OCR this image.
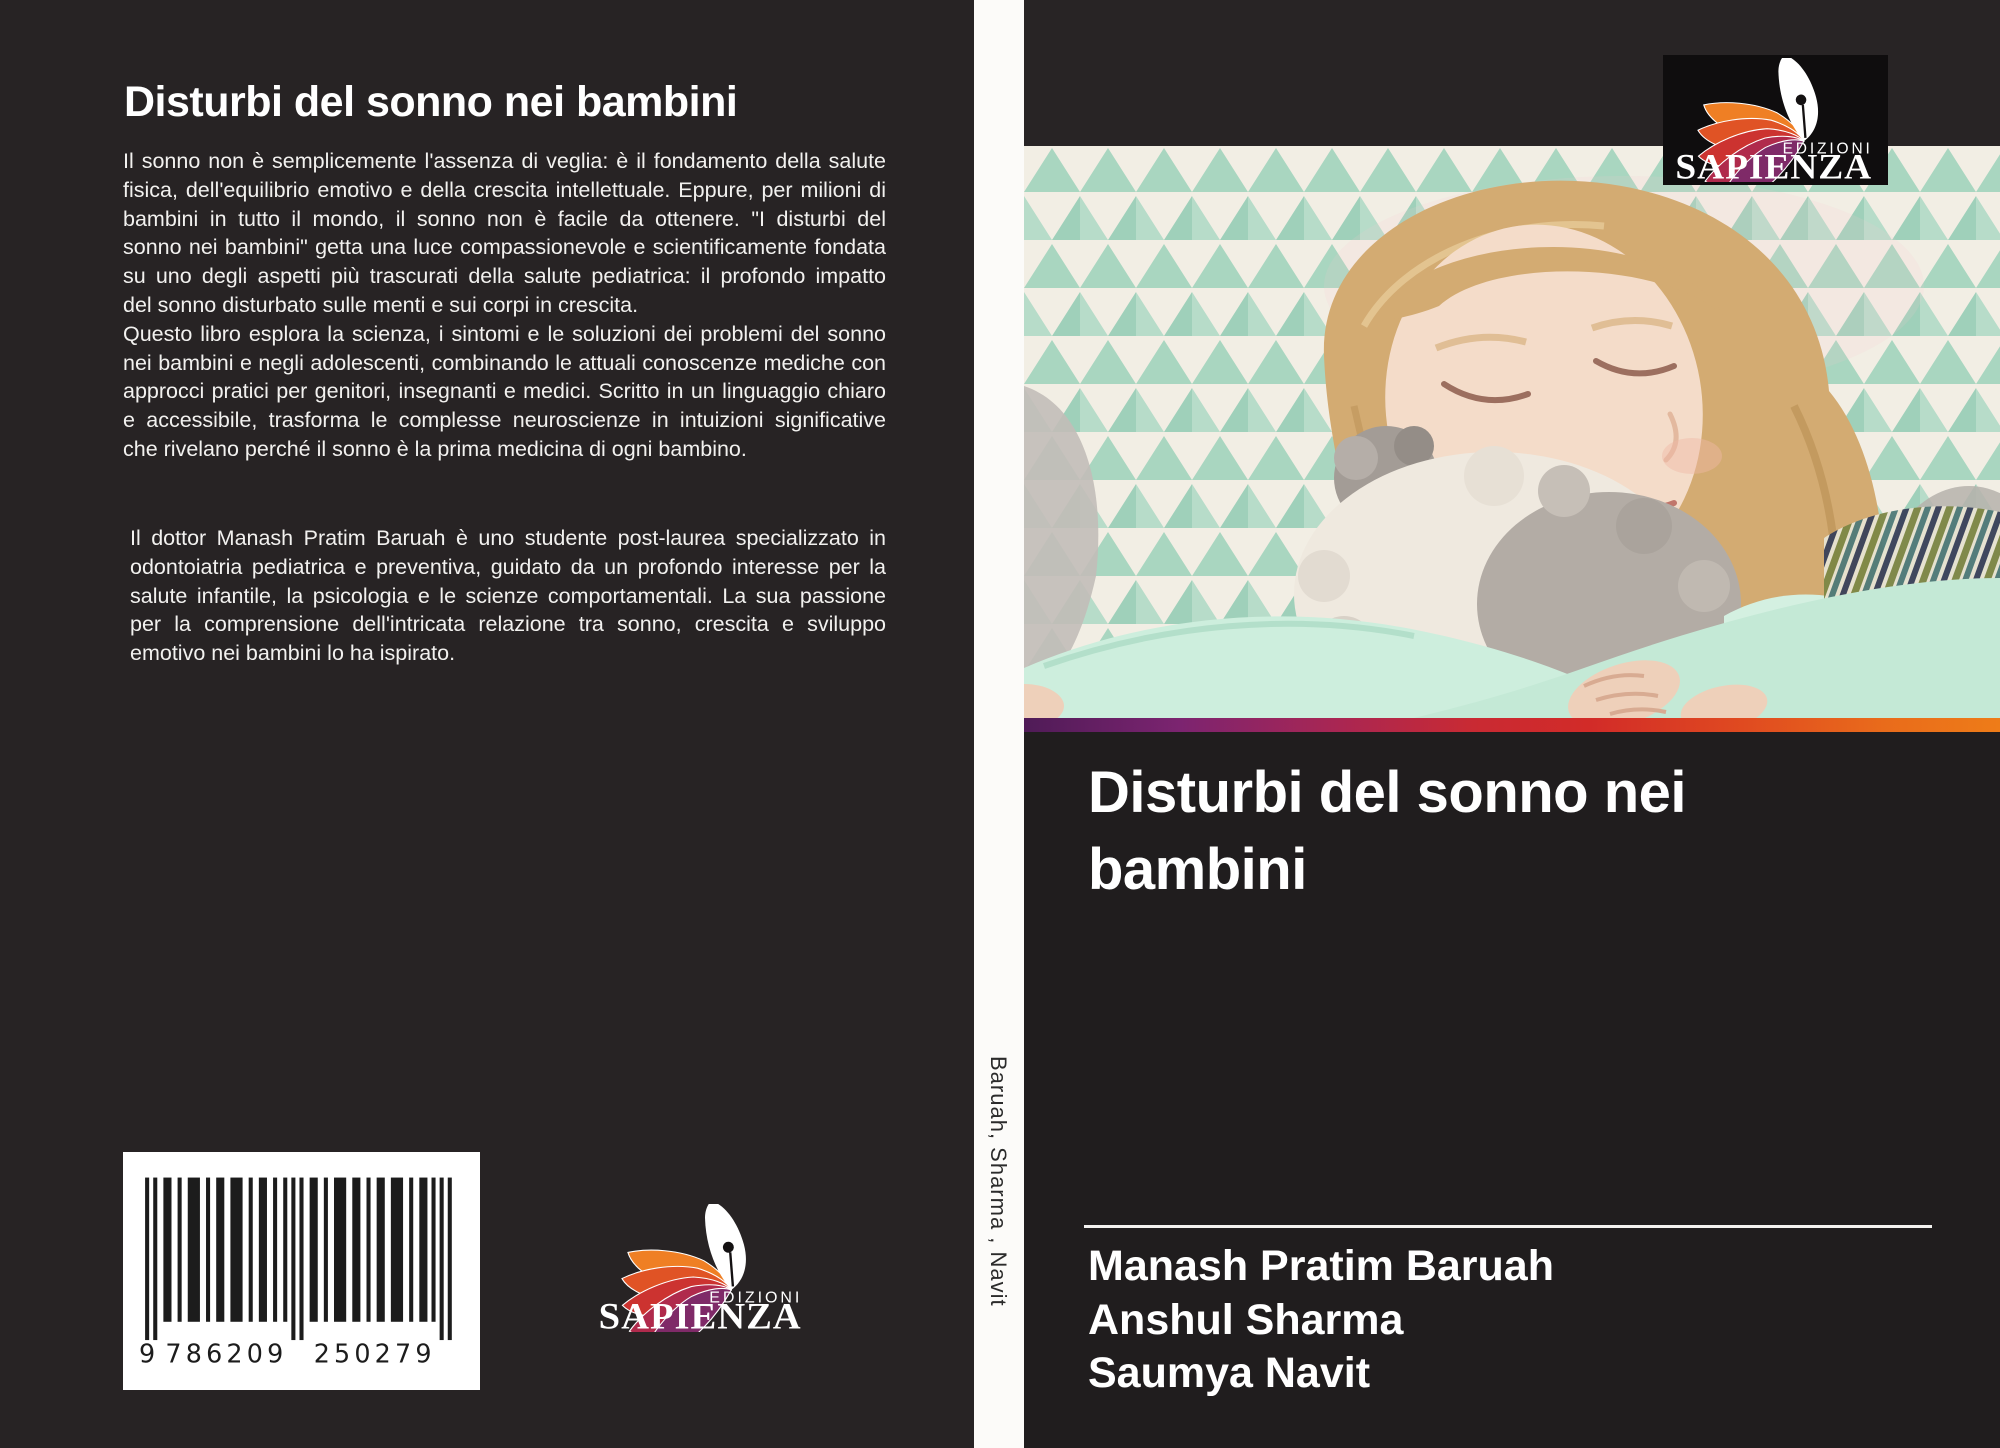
Disturbi del sonno nei bambini
Il sonno non è semplicemente l'assenza di veglia: è il fondamento della salute
fisica, dell'equilibrio emotivo e della crescita intellettuale. Eppure, per milioni di
bambini in tutto il mondo, il sonno non è facile da ottenere. "I disturbi del
sonno nei bambini" getta una luce compassionevole e scientificamente fondata
su uno degli aspetti più trascurati della salute pediatrica: il profondo impatto
del sonno disturbato sulle menti e sui corpi in crescita.
Questo libro esplora la scienza, i sintomi e le soluzioni dei problemi del sonno
nei bambini e negli adolescenti, combinando le attuali conoscenze mediche con
approcci pratici per genitori, insegnanti e medici. Scritto in un linguaggio chiaro
e accessibile, trasforma le complesse neuroscienze in intuizioni significative
che rivelano perché il sonno è la prima medicina di ogni bambino.
Il dottor Manash Pratim Baruah è uno studente post-laurea specializzato in
odontoiatria pediatrica e preventiva, guidato da un profondo interesse per la
salute infantile, la psicologia e le scienze comportamentali. La sua passione
per la comprensione dell'intricata relazione tra sonno, crescita e sviluppo
emotivo nei bambini lo ha ispirato.
9 786209 250279
Baruah, Sharma , Navit
Disturbi del sonno nei
bambini
Manash Pratim Baruah
Anshul Sharma
Saumya Navit
